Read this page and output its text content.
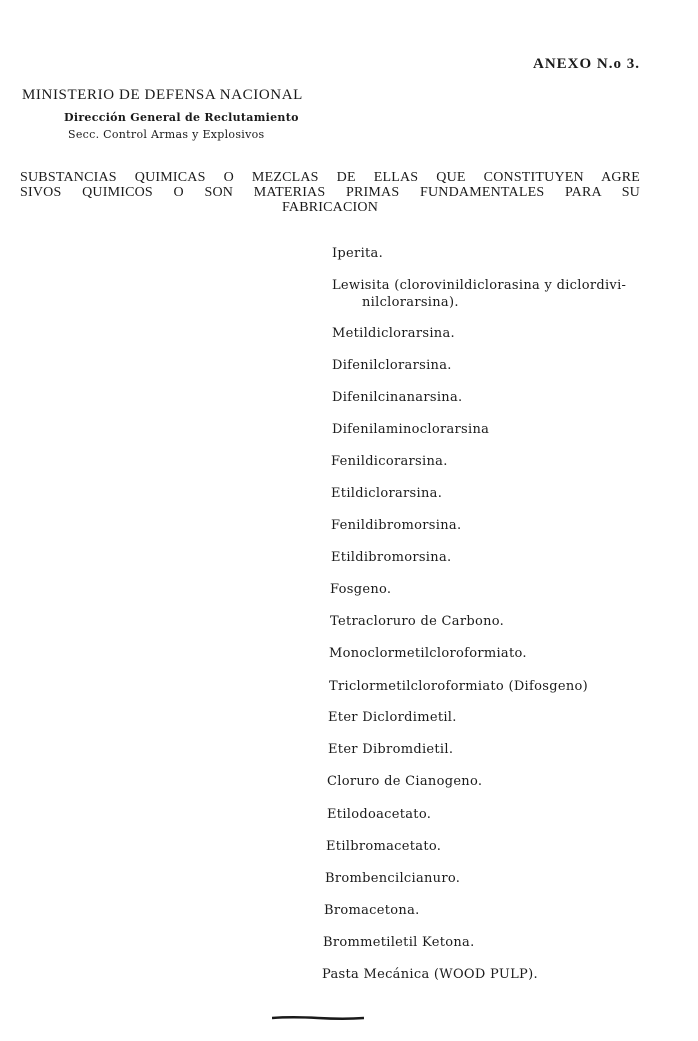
ANEXO N.o 3.
MINISTERIO DE DEFENSA NACIONAL
Dirección General de Reclutamiento
Secc. Control Armas y Explosivos
SUBSTANCIAS QUIMICAS O MEZCLAS DE ELLAS QUE CONSTITUYEN AGRE
SIVOS QUIMICOS O SON MATERIAS PRIMAS FUNDAMENTALES PARA SU
FABRICACION
Iperita.
Lewisita (clorovinildiclorasina y diclordivi-
nilclorarsina).
Metildiclorarsina.
Difenilclorarsina.
Difenilcinanarsina.
Difenilaminoclorarsina
Fenildicorarsina.
Etildiclorarsina.
Fenildibromorsina.
Etildibromorsina.
Fosgeno.
Tetracloruro de Carbono.
Monoclormetilcloroformiato.
Triclormetilcloroformiato (Difosgeno)
Eter Diclordimetil.
Eter Dibromdietil.
Cloruro de Cianogeno.
Etilodoacetato.
Etilbromacetato.
Brombencilcianuro.
Bromacetona.
Brommetiletil Ketona.
Pasta Mecánica (WOOD PULP).
